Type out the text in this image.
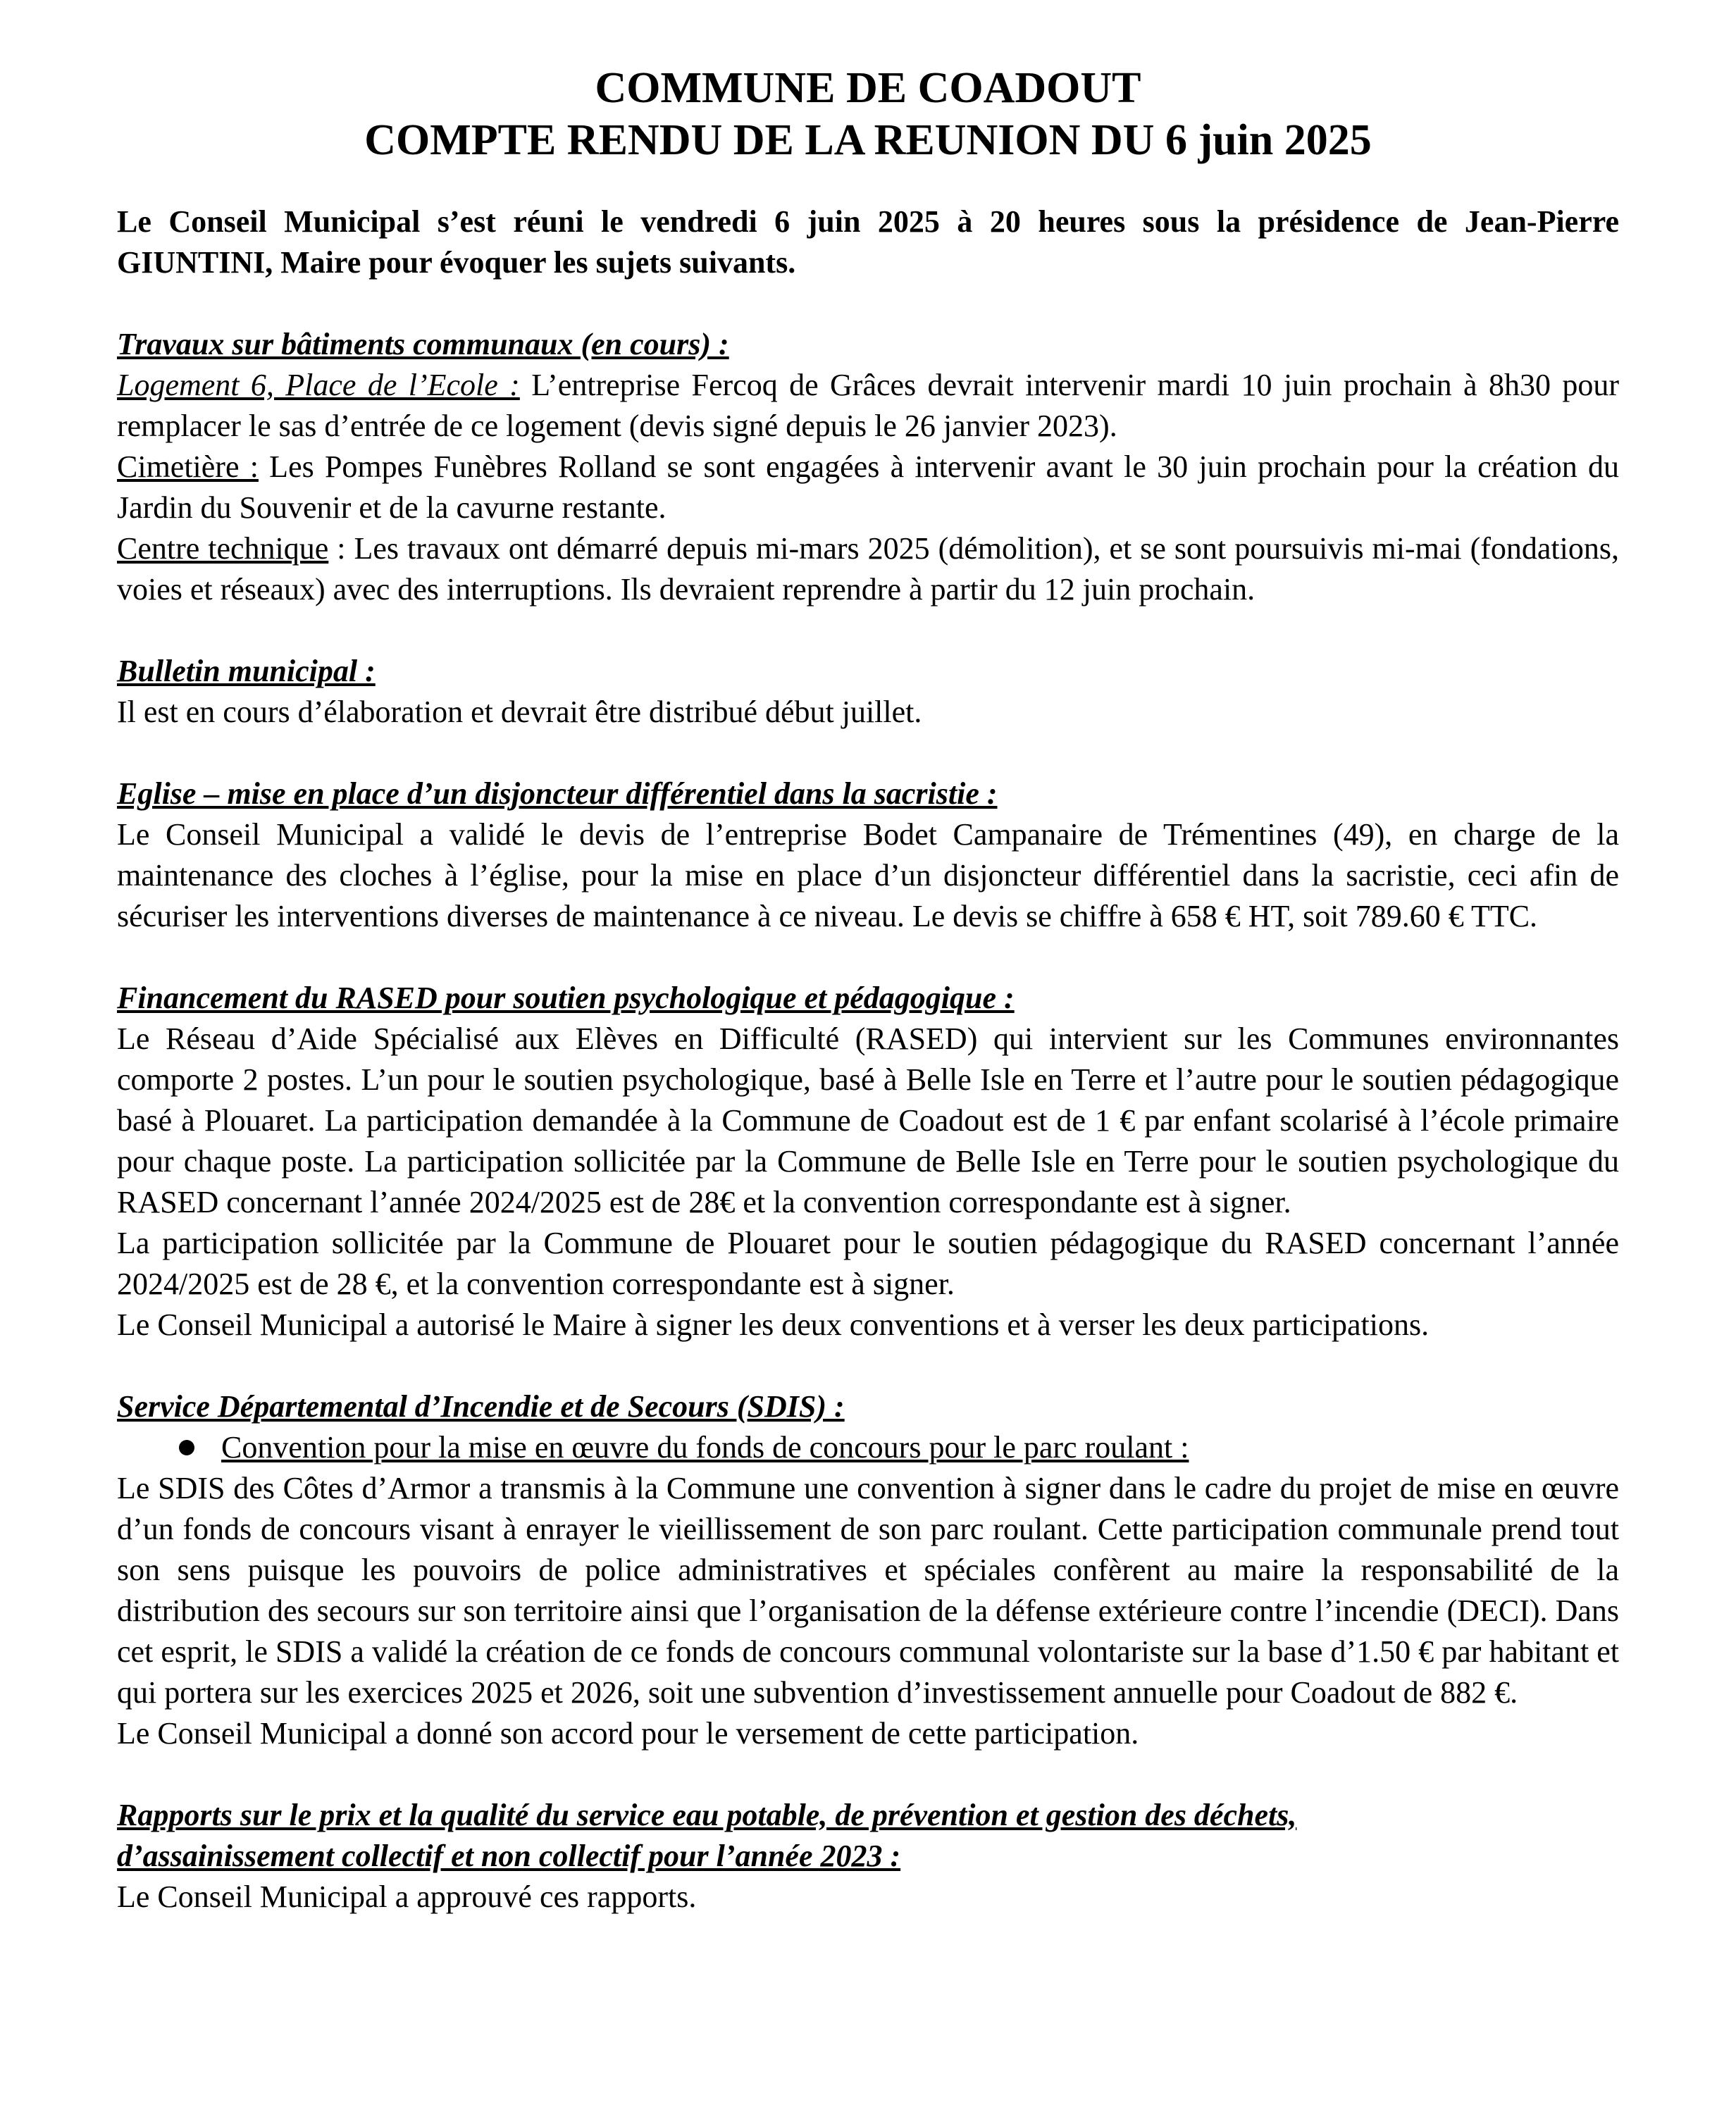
COMMUNE DE COADOUT
COMPTE RENDU DE LA REUNION DU 6 juin 2025

Le Conseil Municipal s’est réuni le vendredi 6 juin 2025 à 20 heures sous la présidence de Jean-Pierre GIUNTINI, Maire pour évoquer les sujets suivants.

Travaux sur bâtiments communaux (en cours) :

Logement 6, Place de l’Ecole : L’entreprise Fercoq de Grâces devrait intervenir mardi 10 juin prochain à 8h30 pour remplacer le sas d’entrée de ce logement (devis signé depuis le 26 janvier 2023).

Cimetière : Les Pompes Funèbres Rolland se sont engagées à intervenir avant le 30 juin prochain pour la création du Jardin du Souvenir et de la cavurne restante.

Centre technique : Les travaux ont démarré depuis mi-mars 2025 (démolition), et se sont poursuivis mi-mai (fondations, voies et réseaux) avec des interruptions. Ils devraient reprendre à partir du 12 juin prochain.

Bulletin municipal :

Il est en cours d’élaboration et devrait être distribué début juillet.

Eglise – mise en place d’un disjoncteur différentiel dans la sacristie :

Le Conseil Municipal a validé le devis de l’entreprise Bodet Campanaire de Trémentines (49), en charge de la maintenance des cloches à l’église, pour la mise en place d’un disjoncteur différentiel dans la sacristie, ceci afin de sécuriser les interventions diverses de maintenance à ce niveau. Le devis se chiffre à 658 € HT, soit 789.60 € TTC.

Financement du RASED pour soutien psychologique et pédagogique :

Le Réseau d’Aide Spécialisé aux Elèves en Difficulté (RASED) qui intervient sur les Communes environnantes comporte 2 postes. L’un pour le soutien psychologique, basé à Belle Isle en Terre et l’autre pour le soutien pédagogique basé à Plouaret. La participation demandée à la Commune de Coadout est de 1 € par enfant scolarisé à l’école primaire pour chaque poste. La participation sollicitée par la Commune de Belle Isle en Terre pour le soutien psychologique du RASED concernant l’année 2024/2025 est de 28€ et la convention correspondante est à signer.

La participation sollicitée par la Commune de Plouaret pour le soutien pédagogique du RASED concernant l’année 2024/2025 est de 28 €, et la convention correspondante est à signer.

Le Conseil Municipal a autorisé le Maire à signer les deux conventions et à verser les deux participations.

Service Départemental d’Incendie et de Secours (SDIS) :

Convention pour la mise en œuvre du fonds de concours pour le parc roulant :

Le SDIS des Côtes d’Armor a transmis à la Commune une convention à signer dans le cadre du projet de mise en œuvre d’un fonds de concours visant à enrayer le vieillissement de son parc roulant. Cette participation communale prend tout son sens puisque les pouvoirs de police administratives et spéciales confèrent au maire la responsabilité de la distribution des secours sur son territoire ainsi que l’organisation de la défense extérieure contre l’incendie (DECI). Dans cet esprit, le SDIS a validé la création de ce fonds de concours communal volontariste sur la base d’1.50 € par habitant et qui portera sur les exercices 2025 et 2026, soit une subvention d’investissement annuelle pour Coadout de 882 €.

Le Conseil Municipal a donné son accord pour le versement de cette participation.

Rapports sur le prix et la qualité du service eau potable, de prévention et gestion des déchets,

d’assainissement collectif et non collectif pour l’année 2023 :

Le Conseil Municipal a approuvé ces rapports.
